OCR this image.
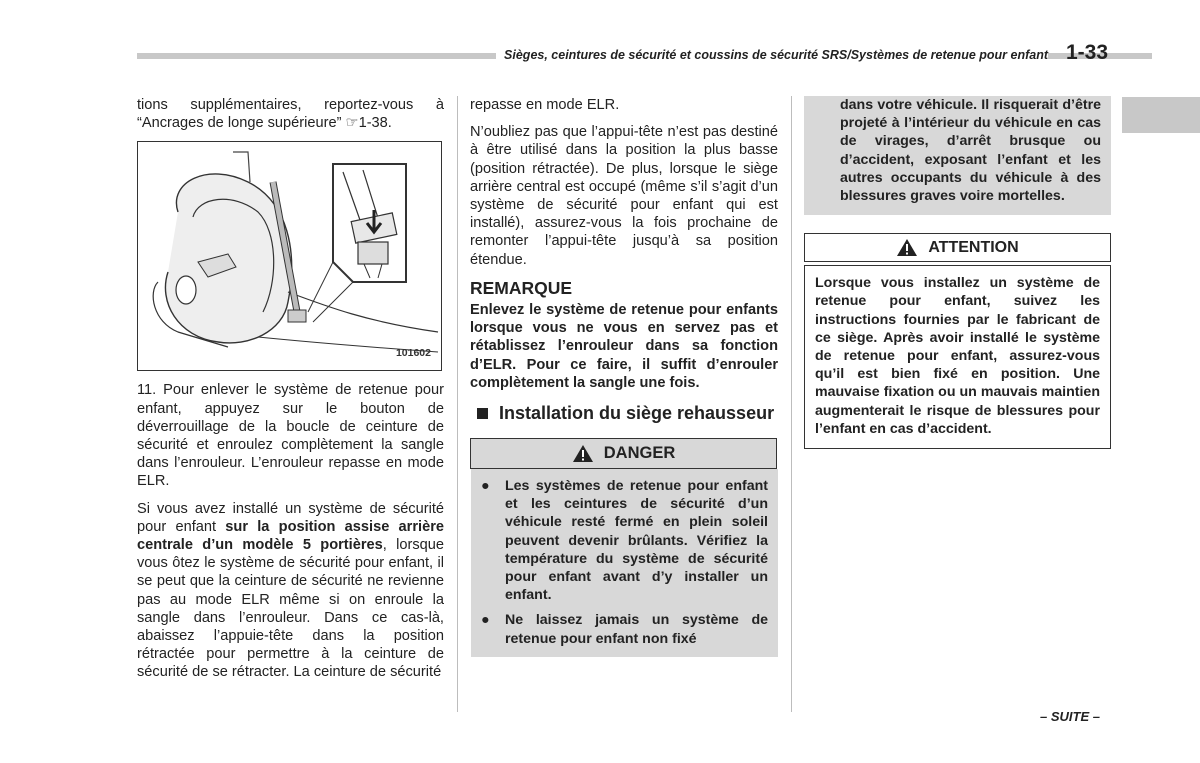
Sièges, ceintures de sécurité et coussins de sécurité SRS/Systèmes de retenue pour enfant 1-33

tions supplémentaires, reportez-vous à “Ancrages de longe supérieure” ☞1-38.

101602

11. Pour enlever le système de retenue pour enfant, appuyez sur le bouton de déverrouillage de la boucle de ceinture de sécurité et enroulez complètement la sangle dans l’enrouleur. L’enrouleur repasse en mode ELR.

Si vous avez installé un système de sécurité pour enfant sur la position assise arrière centrale d’un modèle 5 portières, lorsque vous ôtez le système de sécurité pour enfant, il se peut que la ceinture de sécurité ne revienne pas au mode ELR même si on enroule la sangle dans l’enrouleur. Dans ce cas-là, abaissez l’appuie-tête dans la position rétractée pour permettre à la ceinture de sécurité de se rétracter. La ceinture de sécurité

repasse en mode ELR.

N’oubliez pas que l’appui-tête n’est pas destiné à être utilisé dans la position la plus basse (position rétractée). De plus, lorsque le siège arrière central est occupé (même s’il s’agit d’un système de sécurité pour enfant qui est installé), assurez-vous la fois prochaine de remonter l’appui-tête jusqu’à sa position étendue.

REMARQUE
Enlevez le système de retenue pour enfants lorsque vous ne vous en servez pas et rétablissez l’enrouleur dans sa fonction d’ELR. Pour ce faire, il suffit d’enrouler complètement la sangle une fois.
Installation du siège rehausseur
DANGER
●	Les systèmes de retenue pour enfant et les ceintures de sécurité d’un véhicule resté fermé en plein soleil peuvent devenir brûlants. Vérifiez la température du système de sécurité pour enfant avant d’y installer un enfant.
●	Ne laissez jamais un système de retenue pour enfant non fixé
dans votre véhicule. Il risquerait d’être projeté à l’intérieur du véhicule en cas de virages, d’arrêt brusque ou d’accident, exposant l’enfant et les autres occupants du véhicule à des blessures graves voire mortelles.
ATTENTION
Lorsque vous installez un système de retenue pour enfant, suivez les instructions fournies par le fabricant de ce siège. Après avoir installé le système de retenue pour enfant, assurez-vous qu’il est bien fixé en position. Une mauvaise fixation ou un mauvais maintien augmenterait le risque de blessures pour l’enfant en cas d’accident.
– SUITE –
